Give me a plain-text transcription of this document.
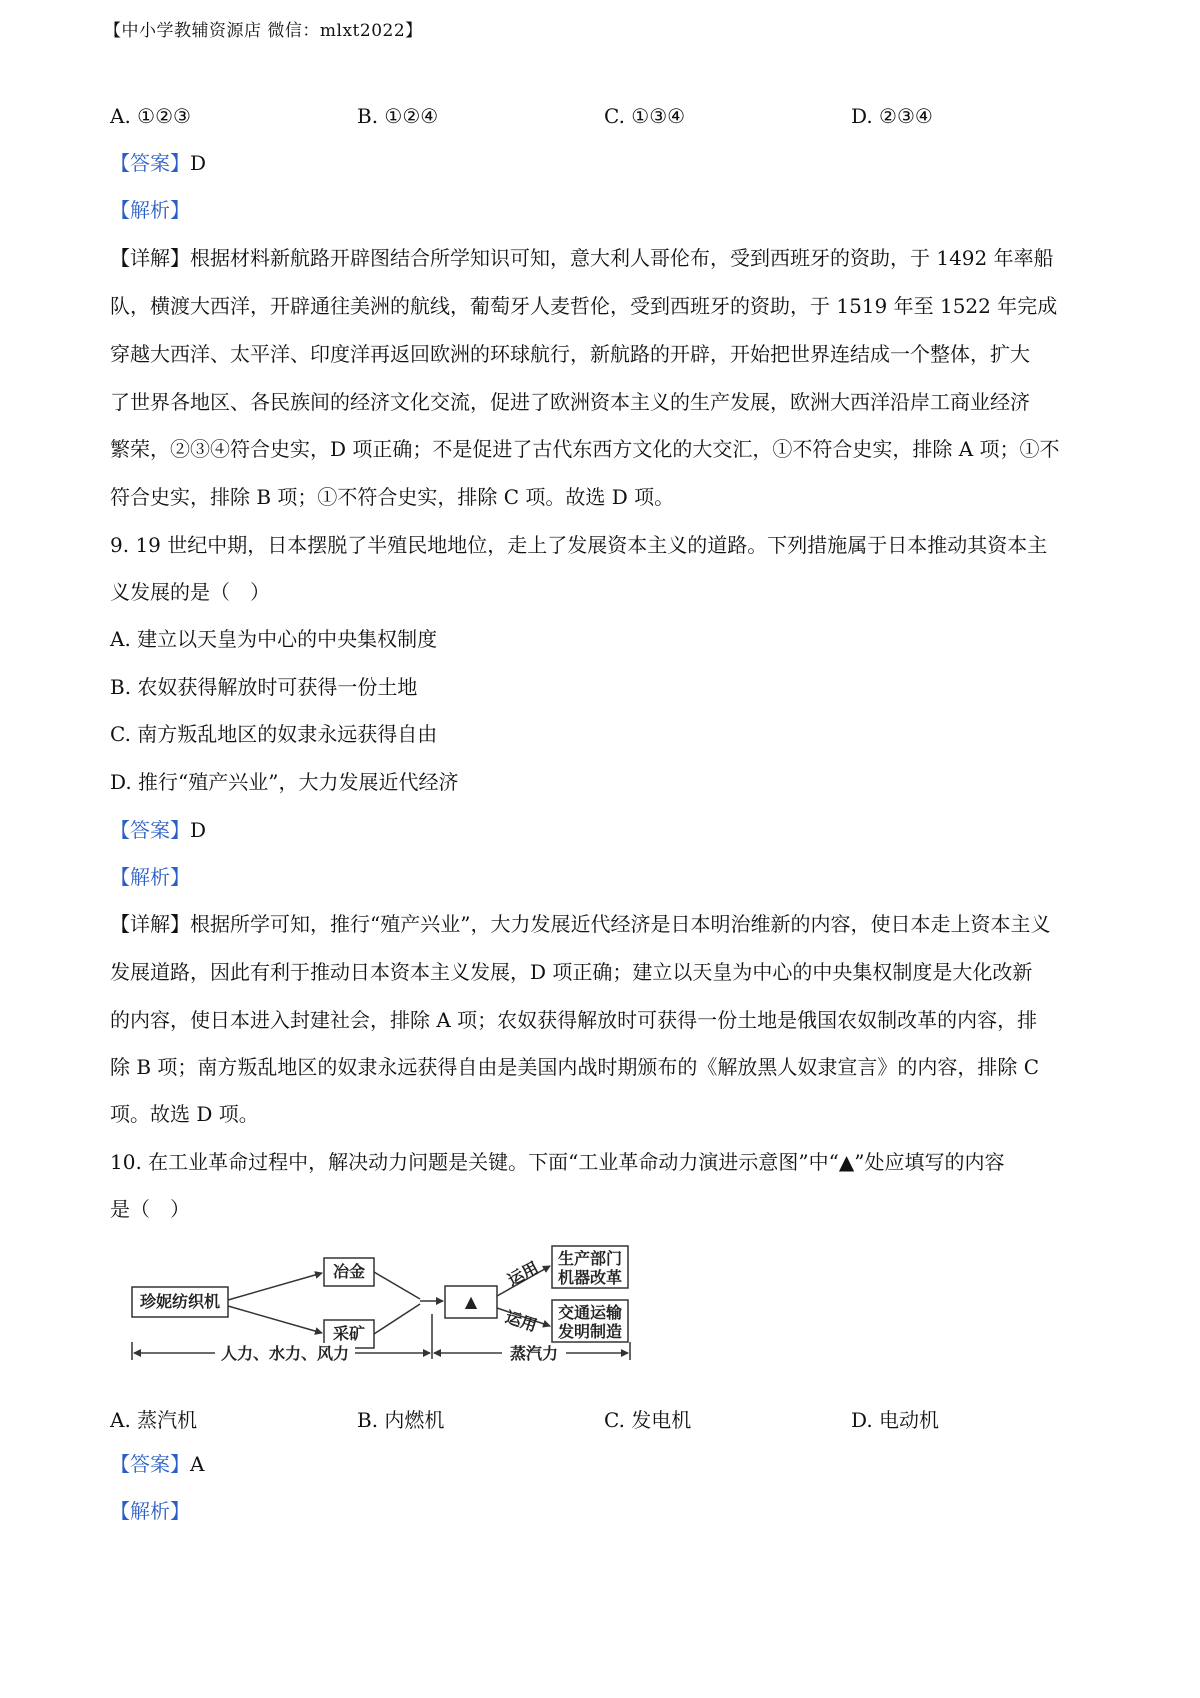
【中小学教辅资源店 微信：mlxt2022】
A. ①②③	B. ①②④	C. ①③④	D. ②③④
【答案】D
【解析】
【详解】根据材料新航路开辟图结合所学知识可知，意大利人哥伦布，受到西班牙的资助，于 1492 年率船
队，横渡大西洋，开辟通往美洲的航线，葡萄牙人麦哲伦，受到西班牙的资助，于 1519 年至 1522 年完成
穿越大西洋、太平洋、印度洋再返回欧洲的环球航行，新航路的开辟，开始把世界连结成一个整体，扩大
了世界各地区、各民族间的经济文化交流，促进了欧洲资本主义的生产发展，欧洲大西洋沿岸工商业经济
繁荣，②③④符合史实，D 项正确；不是促进了古代东西方文化的大交汇，①不符合史实，排除 A 项；①不
符合史实，排除 B 项；①不符合史实，排除 C 项。故选 D 项。
9. 19 世纪中期，日本摆脱了半殖民地地位，走上了发展资本主义的道路。下列措施属于日本推动其资本主
义发展的是（　）
A. 建立以天皇为中心的中央集权制度
B. 农奴获得解放时可获得一份土地
C. 南方叛乱地区的奴隶永远获得自由
D. 推行“殖产兴业”，大力发展近代经济
【答案】D
【解析】
【详解】根据所学可知，推行“殖产兴业”，大力发展近代经济是日本明治维新的内容，使日本走上资本主义
发展道路，因此有利于推动日本资本主义发展，D 项正确；建立以天皇为中心的中央集权制度是大化改新
的内容，使日本进入封建社会，排除 A 项；农奴获得解放时可获得一份土地是俄国农奴制改革的内容，排
除 B 项；南方叛乱地区的奴隶永远获得自由是美国内战时期颁布的《解放黑人奴隶宣言》的内容，排除 C
项。故选 D 项。
10. 在工业革命过程中，解决动力问题是关键。下面“工业革命动力演进示意图”中“▲”处应填写的内容
是（　）
珍妮纺织机
冶金
采矿
▲
运用
运用
生产部门
机器改革
交通运输
发明制造
人力、水力、风力	蒸汽力
A. 蒸汽机	B. 内燃机	C. 发电机	D. 电动机
【答案】A
【解析】
